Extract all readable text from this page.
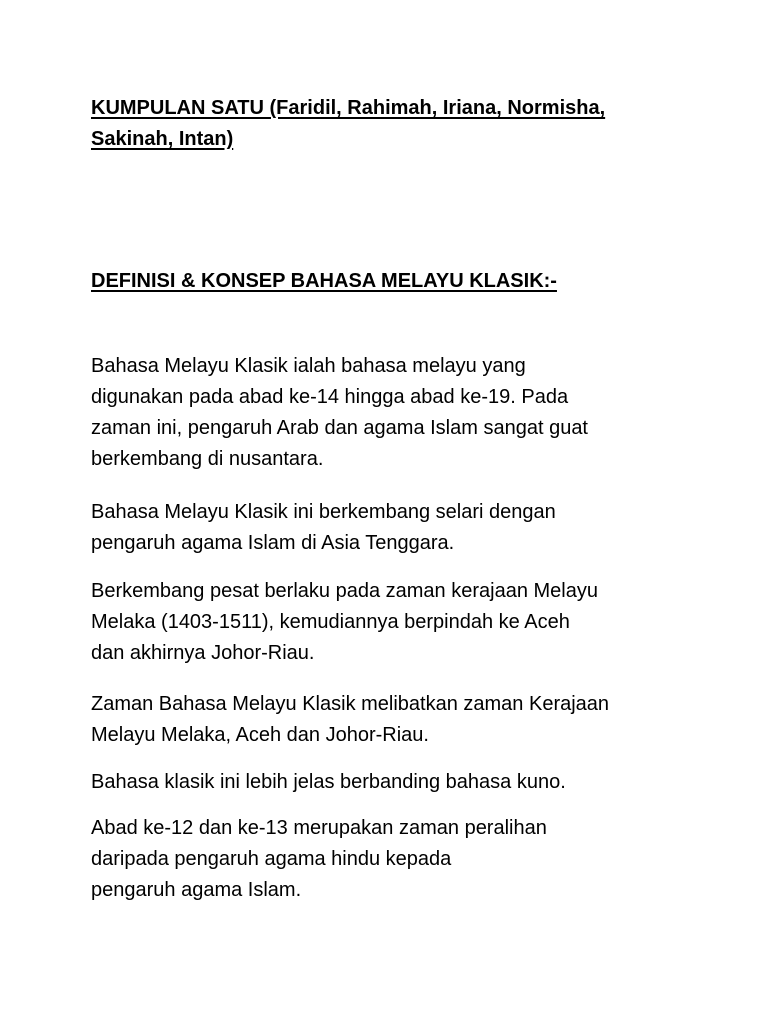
KUMPULAN SATU (Faridil, Rahimah, Iriana, Normisha,
Sakinah, Intan)
DEFINISI & KONSEP BAHASA MELAYU KLASIK:-

Bahasa Melayu Klasik ialah bahasa melayu yang
digunakan pada abad ke-14 hingga abad ke-19. Pada
zaman ini, pengaruh Arab dan agama Islam sangat guat
berkembang di nusantara.

Bahasa Melayu Klasik ini berkembang selari dengan
pengaruh agama Islam di Asia Tenggara.

Berkembang pesat berlaku pada zaman kerajaan Melayu
Melaka (1403-1511), kemudiannya berpindah ke Aceh
dan akhirnya Johor-Riau.

Zaman Bahasa Melayu Klasik melibatkan zaman Kerajaan
Melayu Melaka, Aceh dan Johor-Riau.

Bahasa klasik ini lebih jelas berbanding bahasa kuno.

Abad ke-12 dan ke-13 merupakan zaman peralihan
daripada pengaruh agama hindu kepada
pengaruh agama Islam.
